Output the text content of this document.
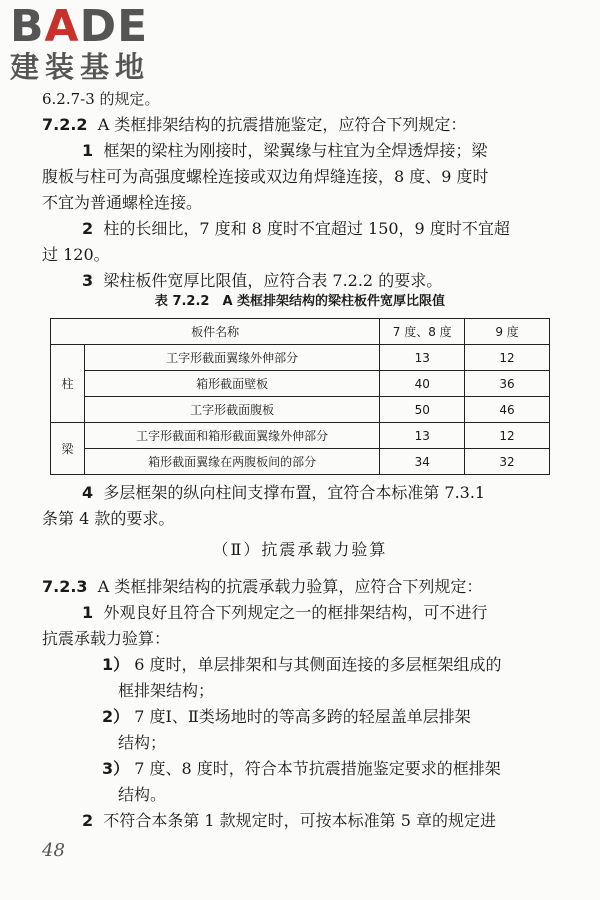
BADE
建装基地
6.2.7-3 的规定。
7.2.2 A 类框排架结构的抗震措施鉴定，应符合下列规定：
1 框架的梁柱为刚接时，梁翼缘与柱宜为全焊透焊接；梁
腹板与柱可为高强度螺栓连接或双边角焊缝连接，8 度、9 度时
不宜为普通螺栓连接。
2 柱的长细比，7 度和 8 度时不宜超过 150，9 度时不宜超
过 120。
3 梁柱板件宽厚比限值，应符合表 7.2.2 的要求。
表 7.2.2　A 类框排架结构的梁柱板件宽厚比限值
板件名称		7 度、8 度	9 度
柱	工字形截面翼缘外伸部分	13	12
	箱形截面壁板	40	36
	工字形截面腹板	50	46
梁	工字形截面和箱形截面翼缘外伸部分	13	12
	箱形截面翼缘在两腹板间的部分	34	32
4 多层框架的纵向柱间支撑布置，宜符合本标准第 7.3.1
条第 4 款的要求。
（Ⅱ）抗震承载力验算
7.2.3 A 类框排架结构的抗震承载力验算，应符合下列规定：
1 外观良好且符合下列规定之一的框排架结构，可不进行
抗震承载力验算：
1） 6 度时，单层排架和与其侧面连接的多层框架组成的
框排架结构；
2） 7 度Ⅰ、Ⅱ类场地时的等高多跨的轻屋盖单层排架
结构；
3） 7 度、8 度时，符合本节抗震措施鉴定要求的框排架
结构。
2 不符合本条第 1 款规定时，可按本标准第 5 章的规定进
48
